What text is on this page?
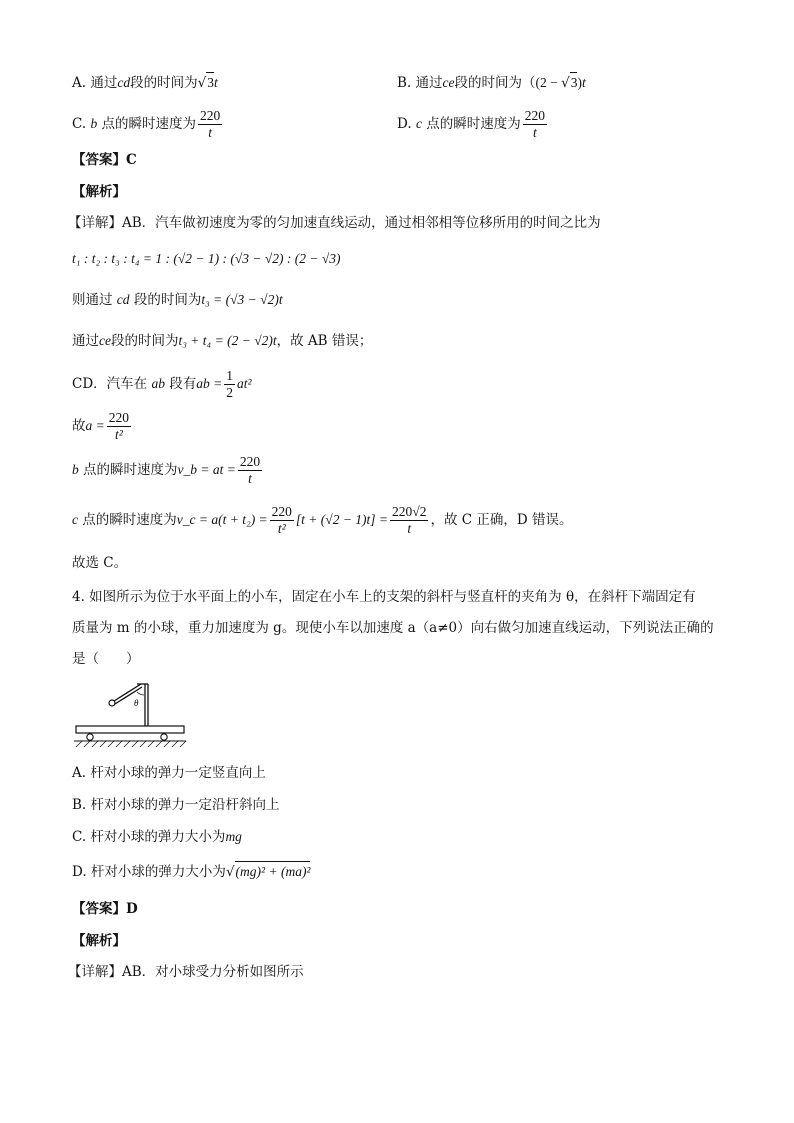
A. 通过cd段的时间为√3t	B. 通过ce段的时间为（(2 − √3)t
C.
b
点的瞬时速度为 $\frac{220}{t}$	D.
c
点的瞬时速度为 $\frac{220}{t}$
【答案】C
【解析】
【详解】AB．汽车做初速度为零的匀加速直线运动，通过相邻相等位移所用的时间之比为
t₁ : t₂ : t₃ : t₄ = 1 : (√2 − 1) : (√3 − √2) : (2 − √3)
则通过 cd 段的时间为t₃ = (√3 − √2)t
通过ce段的时间为t₃ + t₄ = (2 − √2)t，故 AB 错误；
CD．汽车在
ab
段有 ab = $\frac{1}{2} at^2$
故 $a = \frac{220}{\text{t²}}$
b
点的瞬时速度为 v_b = at = $\frac{220}{t}$
c
点的瞬时速度为 v_c = $a(t + t_2) = \frac{220}{\text{t²}} [t + (√2 - 1)t] = \frac{220√2}{t}$ ，故 C 正确，D 错误。
故选 C。
4. 如图所示为位于水平面上的小车，固定在小车上的支架的斜杆与竖直杆的夹角为 θ，在斜杆下端固定有
质量为 m 的小球，重力加速度为 g。现使小车以加速度 a（a≠0）向右做匀加速直线运动，下列说法正确的
是（　　）
θ
A. 杆对小球的弹力一定竖直向上
B. 杆对小球的弹力一定沿杆斜向上
C. 杆对小球的弹力大小为mg
D. 杆对小球的弹力大小为√(mg)² + (ma)²
【答案】D
【解析】
【详解】AB．对小球受力分析如图所示
